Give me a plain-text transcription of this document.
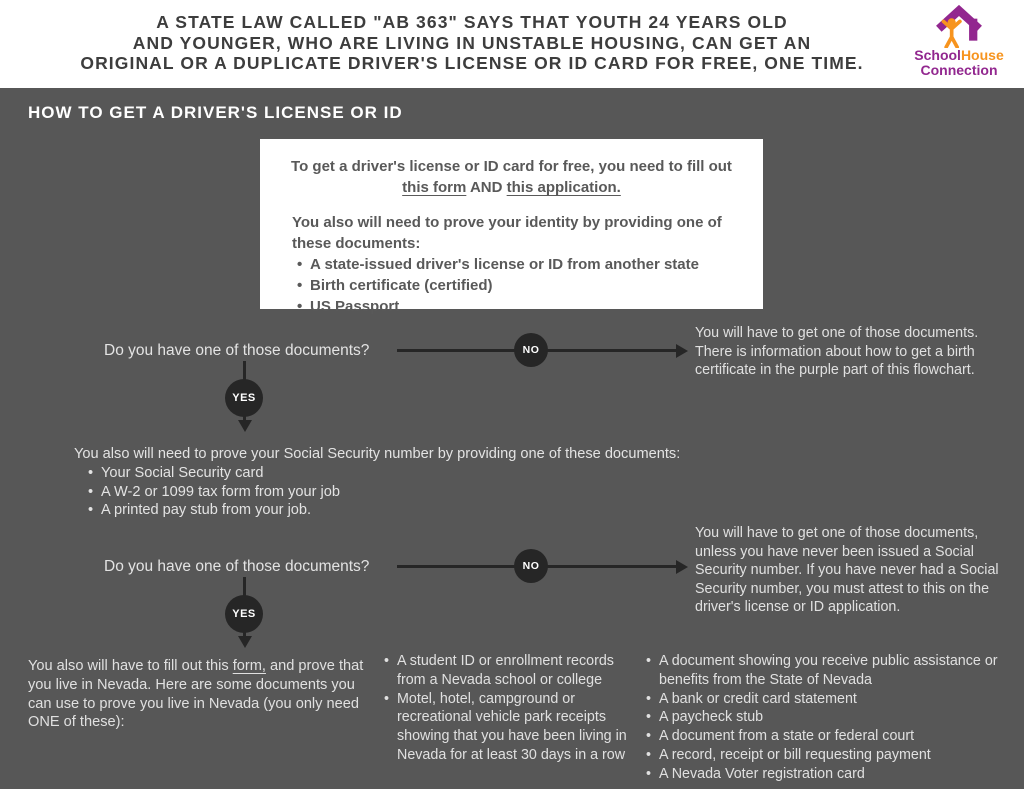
A STATE LAW CALLED "AB 363" SAYS THAT YOUTH 24 YEARS OLD
AND YOUNGER, WHO ARE LIVING IN UNSTABLE HOUSING, CAN GET AN
ORIGINAL OR A DUPLICATE DRIVER'S LICENSE OR ID CARD FOR FREE, ONE TIME.	SchoolHouse
Connection
HOW TO GET A DRIVER'S LICENSE OR ID

To get a driver's license or ID card for free, you need to fill out this form AND this application.

You also will need to prove your identity by providing one of these documents:

• A state-issued driver's license or ID from another state
• Birth certificate (certified)
• US Passport
Do you have one of those documents?	NO
You will have to get one of those documents. There is information about how to get a birth certificate in the purple part of this flowchart.
YES
You also will need to prove your Social Security number by providing one of these documents:
• Your Social Security card
• A W-2 or 1099 tax form from your job
• A printed pay stub from your job.
Do you have one of those documents?	NO
You will have to get one of those documents, unless you have never been issued a Social Security number. If you have never had a Social Security number, you must attest to this on the driver's license or ID application.
YES
You also will have to fill out this form, and prove that you live in Nevada. Here are some documents you can use to prove you live in Nevada (you only need ONE of these):
• A student ID or enrollment records from a Nevada school or college
• Motel, hotel, campground or recreational vehicle park receipts showing that you have been living in Nevada for at least 30 days in a row
• A document showing you receive public assistance or benefits from the State of Nevada
• A bank or credit card statement
• A paycheck stub
• A document from a state or federal court
• A record, receipt or bill requesting payment
• A Nevada Voter registration card
